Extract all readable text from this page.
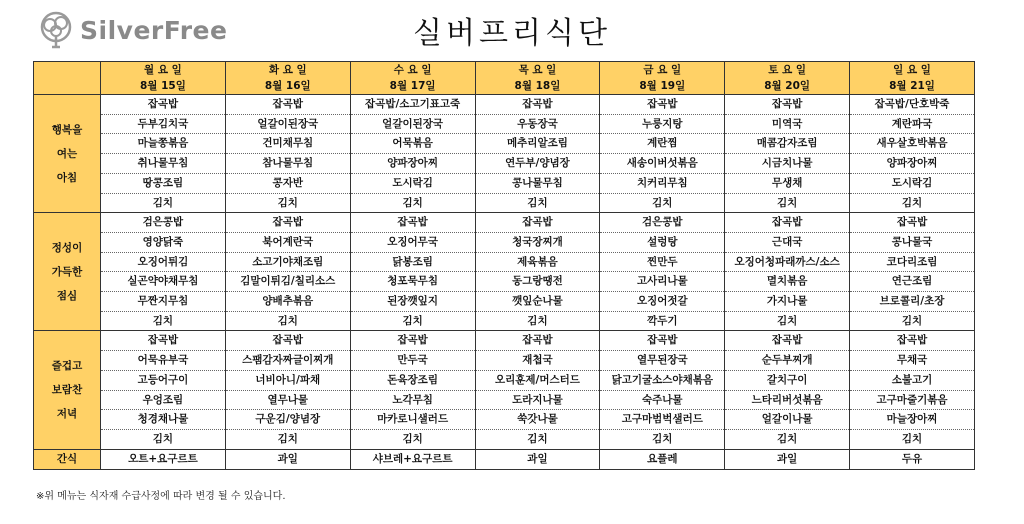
SilverFree	실버프리식단
	월 요 일	화 요 일	수 요 일	목 요 일	금 요 일	토 요 일	일 요 일
	8월 15일	8월 16일	8월 17일	8월 18일	8월 19일	8월 20일	8월 21일

행복을
여는
아침	잡곡밥	잡곡밥	잡곡밥/소고기표고죽	잡곡밥	잡곡밥	잡곡밥	잡곡밥/단호박죽
	두부김치국	얼갈이된장국	얼갈이된장국	우동장국	누룽지탕	미역국	계란파국
	마늘쫑볶음	건미채무침	어묵볶음	메추리알조림	계란찜	매콤감자조림	새우살호박볶음
	취나물무침	참나물무침	양파장아찌	연두부/양념장	새송이버섯볶음	시금치나물	양파장아찌
	땅콩조림	콩자반	도시락김	콩나물무침	치커리무침	무생채	도시락김
	김치	김치	김치	김치	김치	김치	김치

정성이
가득한
점심	검은콩밥	잡곡밥	잡곡밥	잡곡밥	검은콩밥	잡곡밥	잡곡밥
	영양닭죽	북어계란국	오징어무국	청국장찌개	설렁탕	근대국	콩나물국
	오징어튀김	소고기야채조림	닭봉조림	제육볶음	찐만두	오징어청파래까스/소스	코다리조림
	실곤약야채무침	김말이튀김/칠리소스	청포묵무침	동그랑땡전	고사리나물	멸치볶음	연근조림
	무짠지무침	양배추볶음	된장깻잎지	깻잎순나물	오징어젓갈	가지나물	브로콜리/초장
	김치	김치	김치	김치	깍두기	김치	김치

즐겁고
보람찬
저녁	잡곡밥	잡곡밥	잡곡밥	잡곡밥	잡곡밥	잡곡밥	잡곡밥
	어묵유부국	스팸감자짜글이찌개	만두국	재첩국	열무된장국	순두부찌개	무채국
	고등어구이	너비아니/파채	돈육장조림	오리훈제/머스터드	닭고기굴소스야채볶음	갈치구이	소불고기
	우엉조림	열무나물	노각무침	도라지나물	숙주나물	느타리버섯볶음	고구마줄기볶음
	청경채나물	구운김/양념장	마카로니샐러드	쑥갓나물	고구마범벅샐러드	얼갈이나물	마늘장아찌
	김치	김치	김치	김치	김치	김치	김치
간식	오트+요구르트	과일	샤브레+요구르트	과일	요플레	과일	두유
※위 메뉴는 식자재 수급사정에 따라 변경 될 수 있습니다.
